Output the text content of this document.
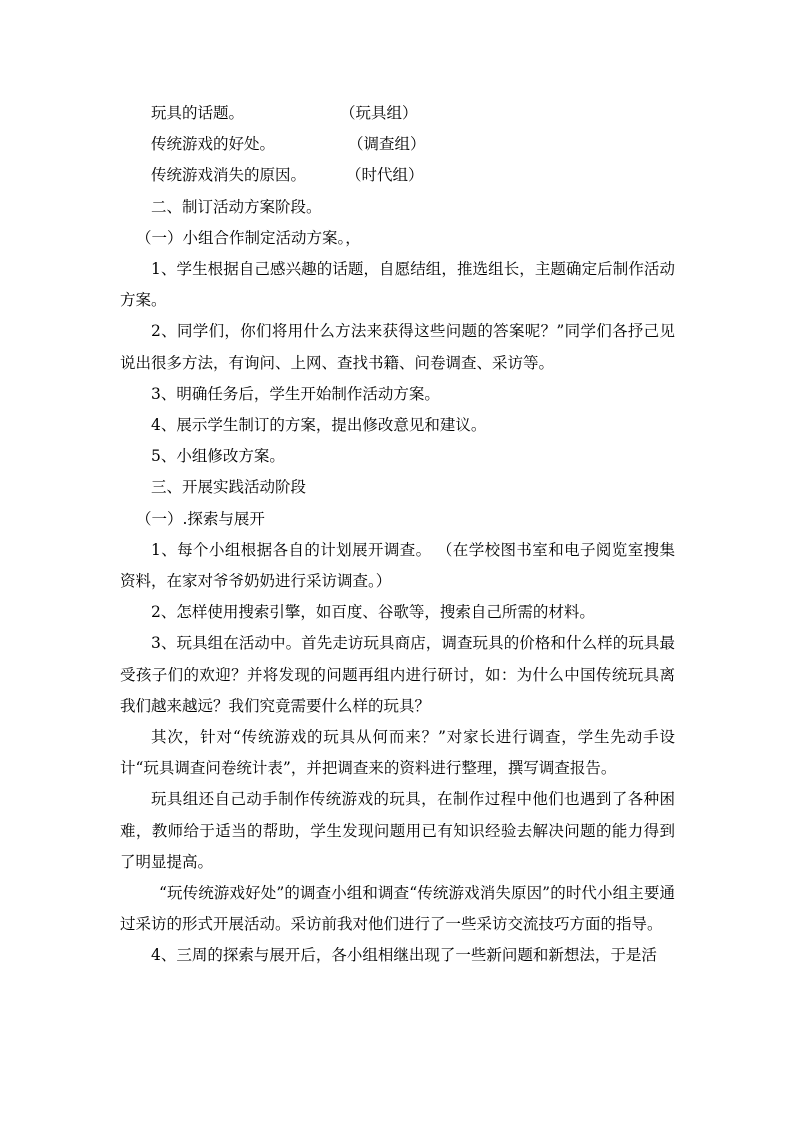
玩具的话题。	（玩具组）
传统游戏的好处。	（调查组）
传统游戏消失的原因。	（时代组）

二、制订活动方案阶段。

（一）小组合作制定活动方案。，

1、学生根据自己感兴趣的话题，自愿结组，推选组长，主题确定后制作活动方案。

2、同学们，你们将用什么方法来获得这些问题的答案呢？”同学们各抒己见说出很多方法，有询问、上网、查找书籍、问卷调查、采访等。

3、明确任务后，学生开始制作活动方案。

4、展示学生制订的方案，提出修改意见和建议。

5、小组修改方案。

三、开展实践活动阶段

（一）.探索与展开

1、每个小组根据各自的计划展开调查。 （在学校图书室和电子阅览室搜集资料，在家对爷爷奶奶进行采访调查。）

2、怎样使用搜索引擎，如百度、谷歌等，搜索自己所需的材料。

3、玩具组在活动中。首先走访玩具商店，调查玩具的价格和什么样的玩具最受孩子们的欢迎？并将发现的问题再组内进行研讨，如：为什么中国传统玩具离我们越来越远？我们究竟需要什么样的玩具？

其次，针对“传统游戏的玩具从何而来？”对家长进行调查，学生先动手设计“玩具调查问卷统计表”，并把调查来的资料进行整理，撰写调查报告。

玩具组还自己动手制作传统游戏的玩具，在制作过程中他们也遇到了各种困难，教师给于适当的帮助，学生发现问题用已有知识经验去解决问题的能力得到了明显提高。

“玩传统游戏好处”的调查小组和调查“传统游戏消失原因”的时代小组主要通过采访的形式开展活动。采访前我对他们进行了一些采访交流技巧方面的指导。

4、三周的探索与展开后，各小组相继出现了一些新问题和新想法，于是活
